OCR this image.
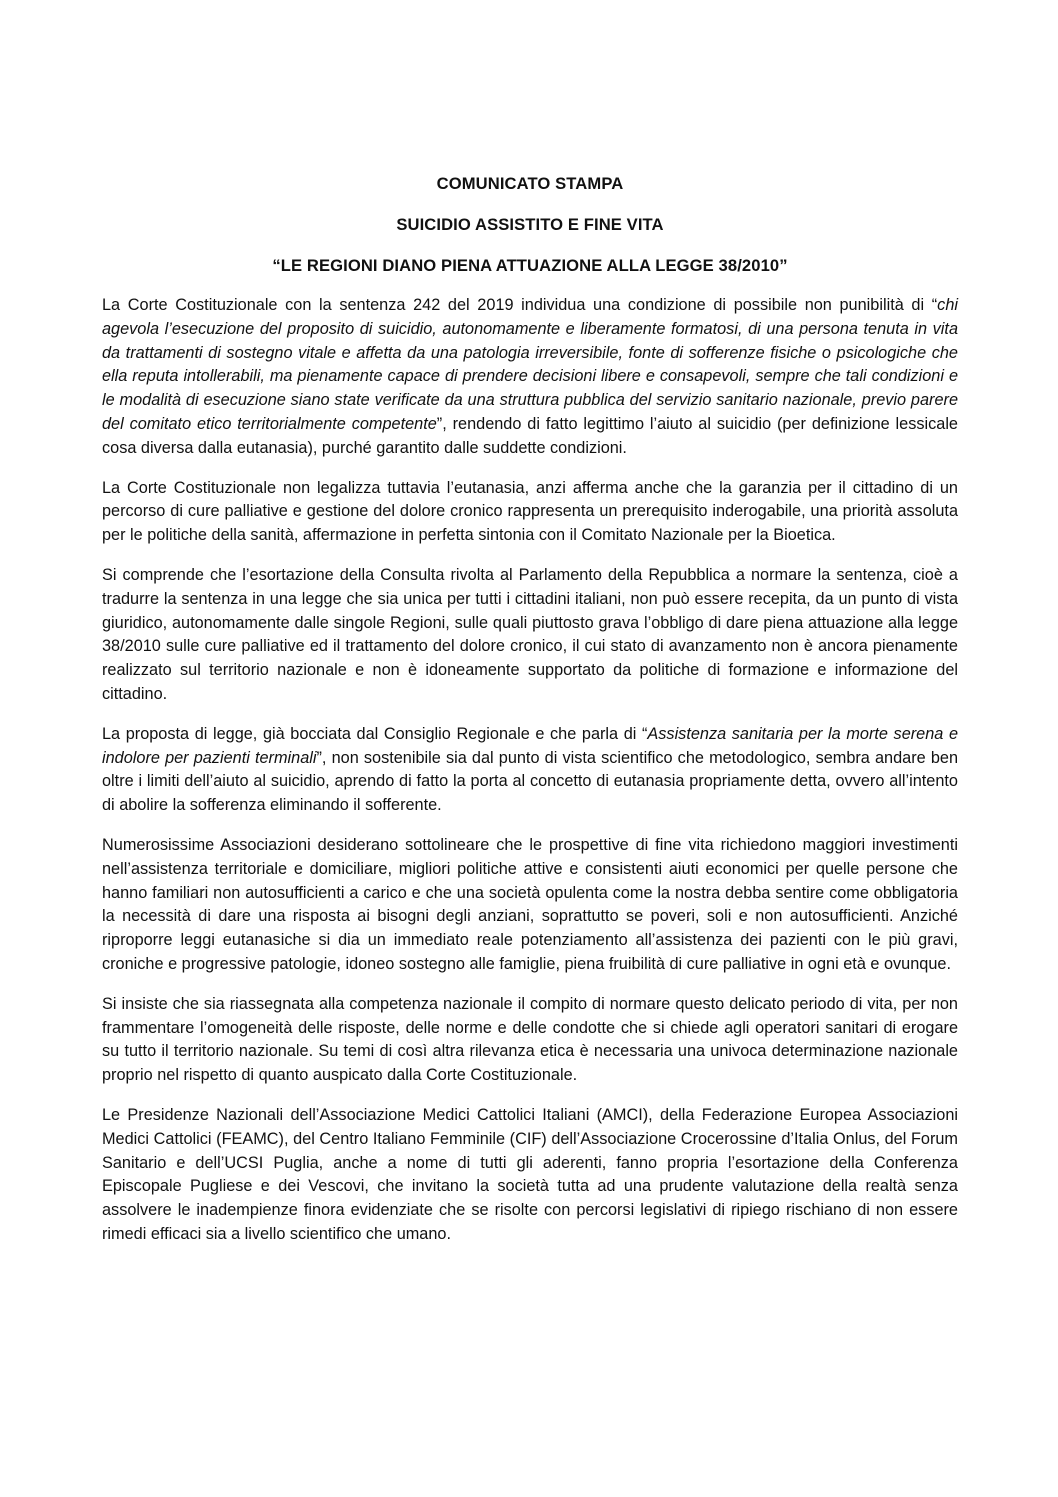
COMUNICATO STAMPA
SUICIDIO ASSISTITO E FINE VITA
“LE REGIONI DIANO PIENA ATTUAZIONE ALLA LEGGE 38/2010”

La Corte Costituzionale con la sentenza 242 del 2019 individua una condizione di possibile non punibilità di “chi agevola l’esecuzione del proposito di suicidio, autonomamente e liberamente formatosi, di una persona tenuta in vita da trattamenti di sostegno vitale e affetta da una patologia irreversibile, fonte di sofferenze fisiche o psicologiche che ella reputa intollerabili, ma pienamente capace di prendere decisioni libere e consapevoli, sempre che tali condizioni e le modalità di esecuzione siano state verificate da una struttura pubblica del servizio sanitario nazionale, previo parere del comitato etico territorialmente competente”, rendendo di fatto legittimo l’aiuto al suicidio (per definizione lessicale cosa diversa dalla eutanasia), purché garantito dalle suddette condizioni.

La Corte Costituzionale non legalizza tuttavia l’eutanasia, anzi afferma anche che la garanzia per il cittadino di un percorso di cure palliative e gestione del dolore cronico rappresenta un prerequisito inderogabile, una priorità assoluta per le politiche della sanità, affermazione in perfetta sintonia con il Comitato Nazionale per la Bioetica.

Si comprende che l’esortazione della Consulta rivolta al Parlamento della Repubblica a normare la sentenza, cioè a tradurre la sentenza in una legge che sia unica per tutti i cittadini italiani, non può essere recepita, da un punto di vista giuridico, autonomamente dalle singole Regioni, sulle quali piuttosto grava l’obbligo di dare piena attuazione alla legge 38/2010 sulle cure palliative ed il trattamento del dolore cronico, il cui stato di avanzamento non è ancora pienamente realizzato sul territorio nazionale e non è idoneamente supportato da politiche di formazione e informazione del cittadino.

La proposta di legge, già bocciata dal Consiglio Regionale e che parla di “Assistenza sanitaria per la morte serena e indolore per pazienti terminali”, non sostenibile sia dal punto di vista scientifico che metodologico, sembra andare ben oltre i limiti dell’aiuto al suicidio, aprendo di fatto la porta al concetto di eutanasia propriamente detta, ovvero all’intento di abolire la sofferenza eliminando il sofferente.

Numerosissime Associazioni desiderano sottolineare che le prospettive di fine vita richiedono maggiori investimenti nell’assistenza territoriale e domiciliare, migliori politiche attive e consistenti aiuti economici per quelle persone che hanno familiari non autosufficienti a carico e che una società opulenta come la nostra debba sentire come obbligatoria la necessità di dare una risposta ai bisogni degli anziani, soprattutto se poveri, soli e non autosufficienti. Anziché riproporre leggi eutanasiche si dia un immediato reale potenziamento all’assistenza dei pazienti con le più gravi, croniche e progressive patologie, idoneo sostegno alle famiglie, piena fruibilità di cure palliative in ogni età e ovunque.

Si insiste che sia riassegnata alla competenza nazionale il compito di normare questo delicato periodo di vita, per non frammentare l’omogeneità delle risposte, delle norme e delle condotte che si chiede agli operatori sanitari di erogare su tutto il territorio nazionale. Su temi di così altra rilevanza etica è necessaria una univoca determinazione nazionale proprio nel rispetto di quanto auspicato dalla Corte Costituzionale.

Le Presidenze Nazionali dell’Associazione Medici Cattolici Italiani (AMCI), della Federazione Europea Associazioni Medici Cattolici (FEAMC), del Centro Italiano Femminile (CIF) dell’Associazione Crocerossine d’Italia Onlus, del Forum Sanitario e dell’UCSI Puglia, anche a nome di tutti gli aderenti, fanno propria l’esortazione della Conferenza Episcopale Pugliese e dei Vescovi, che invitano la società tutta ad una prudente valutazione della realtà senza assolvere le inadempienze finora evidenziate che se risolte con percorsi legislativi di ripiego rischiano di non essere rimedi efficaci sia a livello scientifico che umano.
